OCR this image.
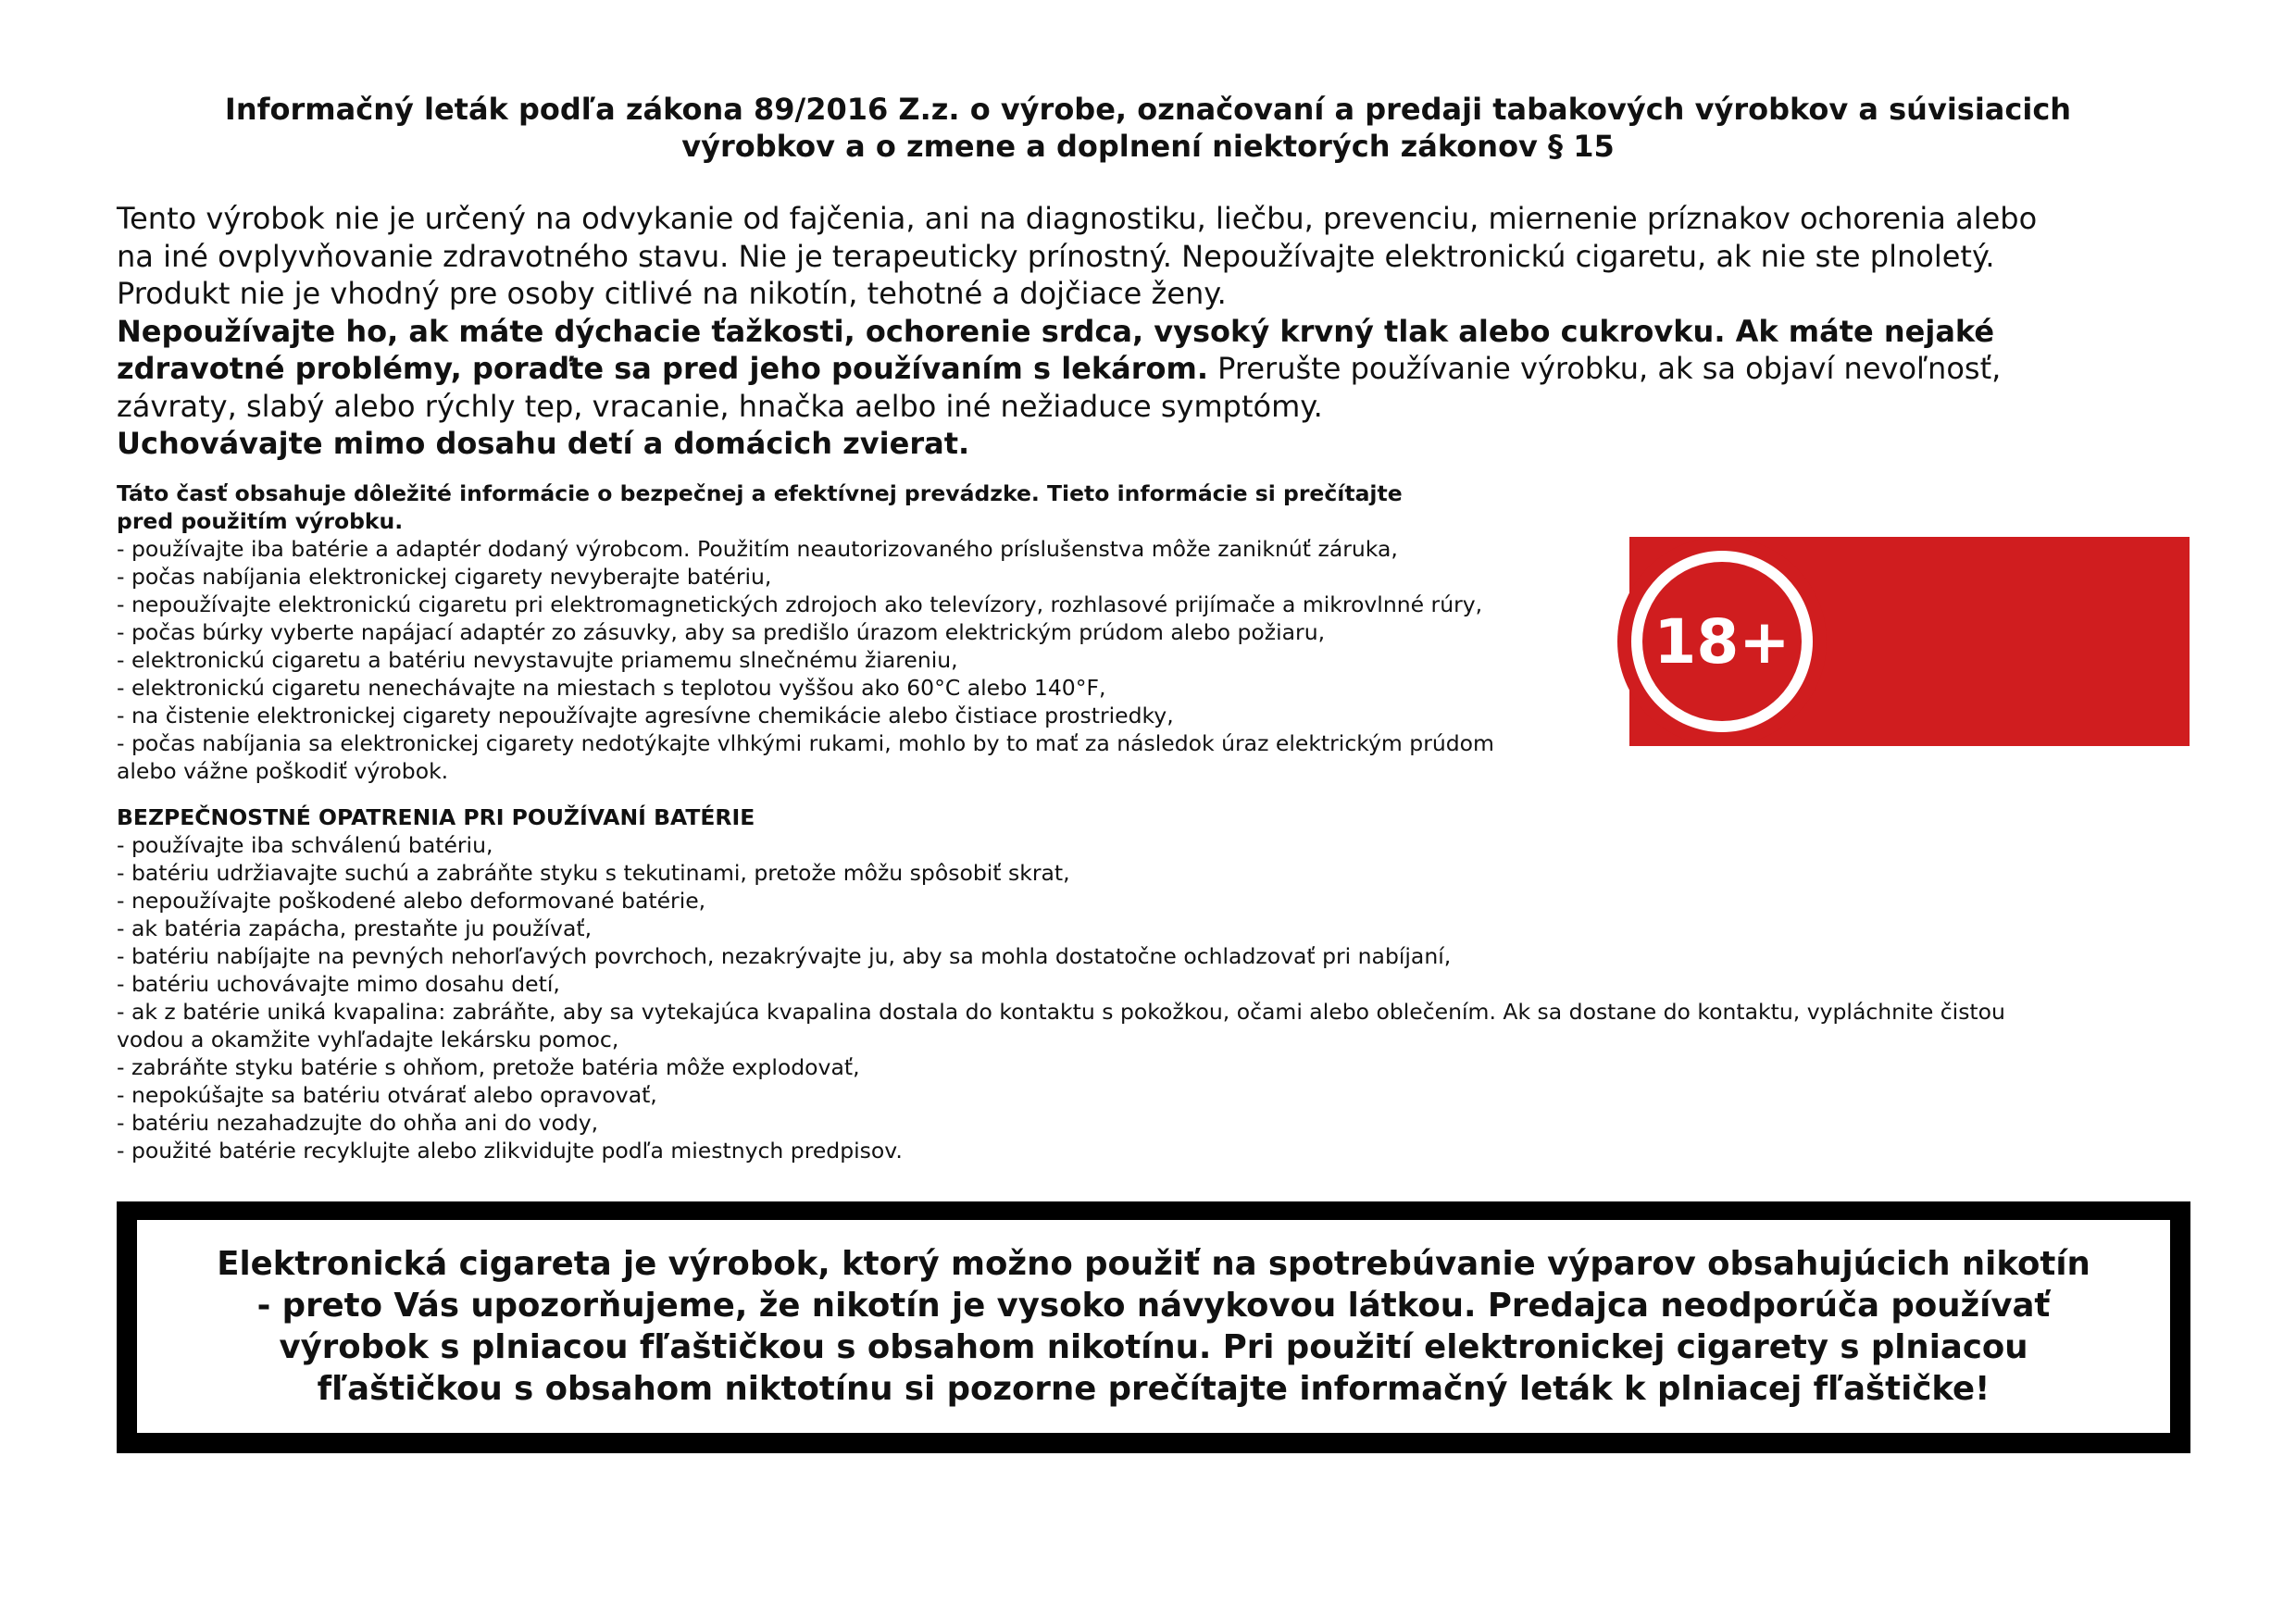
Informačný leták podľa zákona 89/2016 Z.z. o výrobe, označovaní a predaji tabakových výrobkov a súvisiacich
výrobkov a o zmene a doplnení niektorých zákonov § 15
Tento výrobok nie je určený na odvykanie od fajčenia, ani na diagnostiku, liečbu, prevenciu, miernenie príznakov ochorenia alebo
na iné ovplyvňovanie zdravotného stavu. Nie je terapeuticky prínostný. Nepoužívajte elektronickú cigaretu, ak nie ste plnoletý.
Produkt nie je vhodný pre osoby citlivé na nikotín, tehotné a dojčiace ženy.
Nepoužívajte ho, ak máte dýchacie ťažkosti, ochorenie srdca, vysoký krvný tlak alebo cukrovku. Ak máte nejaké
zdravotné problémy, poraďte sa pred jeho používaním s lekárom. Prerušte používanie výrobku, ak sa objaví nevoľnosť,
závraty, slabý alebo rýchly tep, vracanie, hnačka aelbo iné nežiaduce symptómy.
Uchovávajte mimo dosahu detí a domácich zvierat.
Táto časť obsahuje dôležité informácie o bezpečnej a efektívnej prevádzke. Tieto informácie si prečítajte
pred použitím výrobku.
- používajte iba batérie a adaptér dodaný výrobcom. Použitím neautorizovaného príslušenstva môže zaniknúť záruka,
- počas nabíjania elektronickej cigarety nevyberajte batériu,
- nepoužívajte elektronickú cigaretu pri elektromagnetických zdrojoch ako televízory, rozhlasové prijímače a mikrovlnné rúry,
- počas búrky vyberte napájací adaptér zo zásuvky, aby sa predišlo úrazom elektrickým prúdom alebo požiaru,
- elektronickú cigaretu a batériu nevystavujte priamemu slnečnému žiareniu,
- elektronickú cigaretu nenechávajte na miestach s teplotou vyššou ako 60°C alebo 140°F,
- na čistenie elektronickej cigarety nepoužívajte agresívne chemikácie alebo čistiace prostriedky,
- počas nabíjania sa elektronickej cigarety nedotýkajte vlhkými rukami, mohlo by to mať za následok úraz elektrickým prúdom
alebo vážne poškodiť výrobok.
18+
BEZPEČNOSTNÉ OPATRENIA PRI POUŽÍVANÍ BATÉRIE
- používajte iba schválenú batériu,
- batériu udržiavajte suchú a zabráňte styku s tekutinami, pretože môžu spôsobiť skrat,
- nepoužívajte poškodené alebo deformované batérie,
- ak batéria zapácha, prestaňte ju používať,
- batériu nabíjajte na pevných nehorľavých povrchoch, nezakrývajte ju, aby sa mohla dostatočne ochladzovať pri nabíjaní,
- batériu uchovávajte mimo dosahu detí,
- ak z batérie uniká kvapalina: zabráňte, aby sa vytekajúca kvapalina dostala do kontaktu s pokožkou, očami alebo oblečením. Ak sa dostane do kontaktu, vypláchnite čistou
vodou a okamžite vyhľadajte lekársku pomoc,
- zabráňte styku batérie s ohňom, pretože batéria môže explodovať,
- nepokúšajte sa batériu otvárať alebo opravovať,
- batériu nezahadzujte do ohňa ani do vody,
- použité batérie recyklujte alebo zlikvidujte podľa miestnych predpisov.
Elektronická cigareta je výrobok, ktorý možno použiť na spotrebúvanie výparov obsahujúcich nikotín
- preto Vás upozorňujeme, že nikotín je vysoko návykovou látkou. Predajca neodporúča používať
výrobok s plniacou fľaštičkou s obsahom nikotínu. Pri použití elektronickej cigarety s plniacou
fľaštičkou s obsahom niktotínu si pozorne prečítajte informačný leták k plniacej fľaštičke!
